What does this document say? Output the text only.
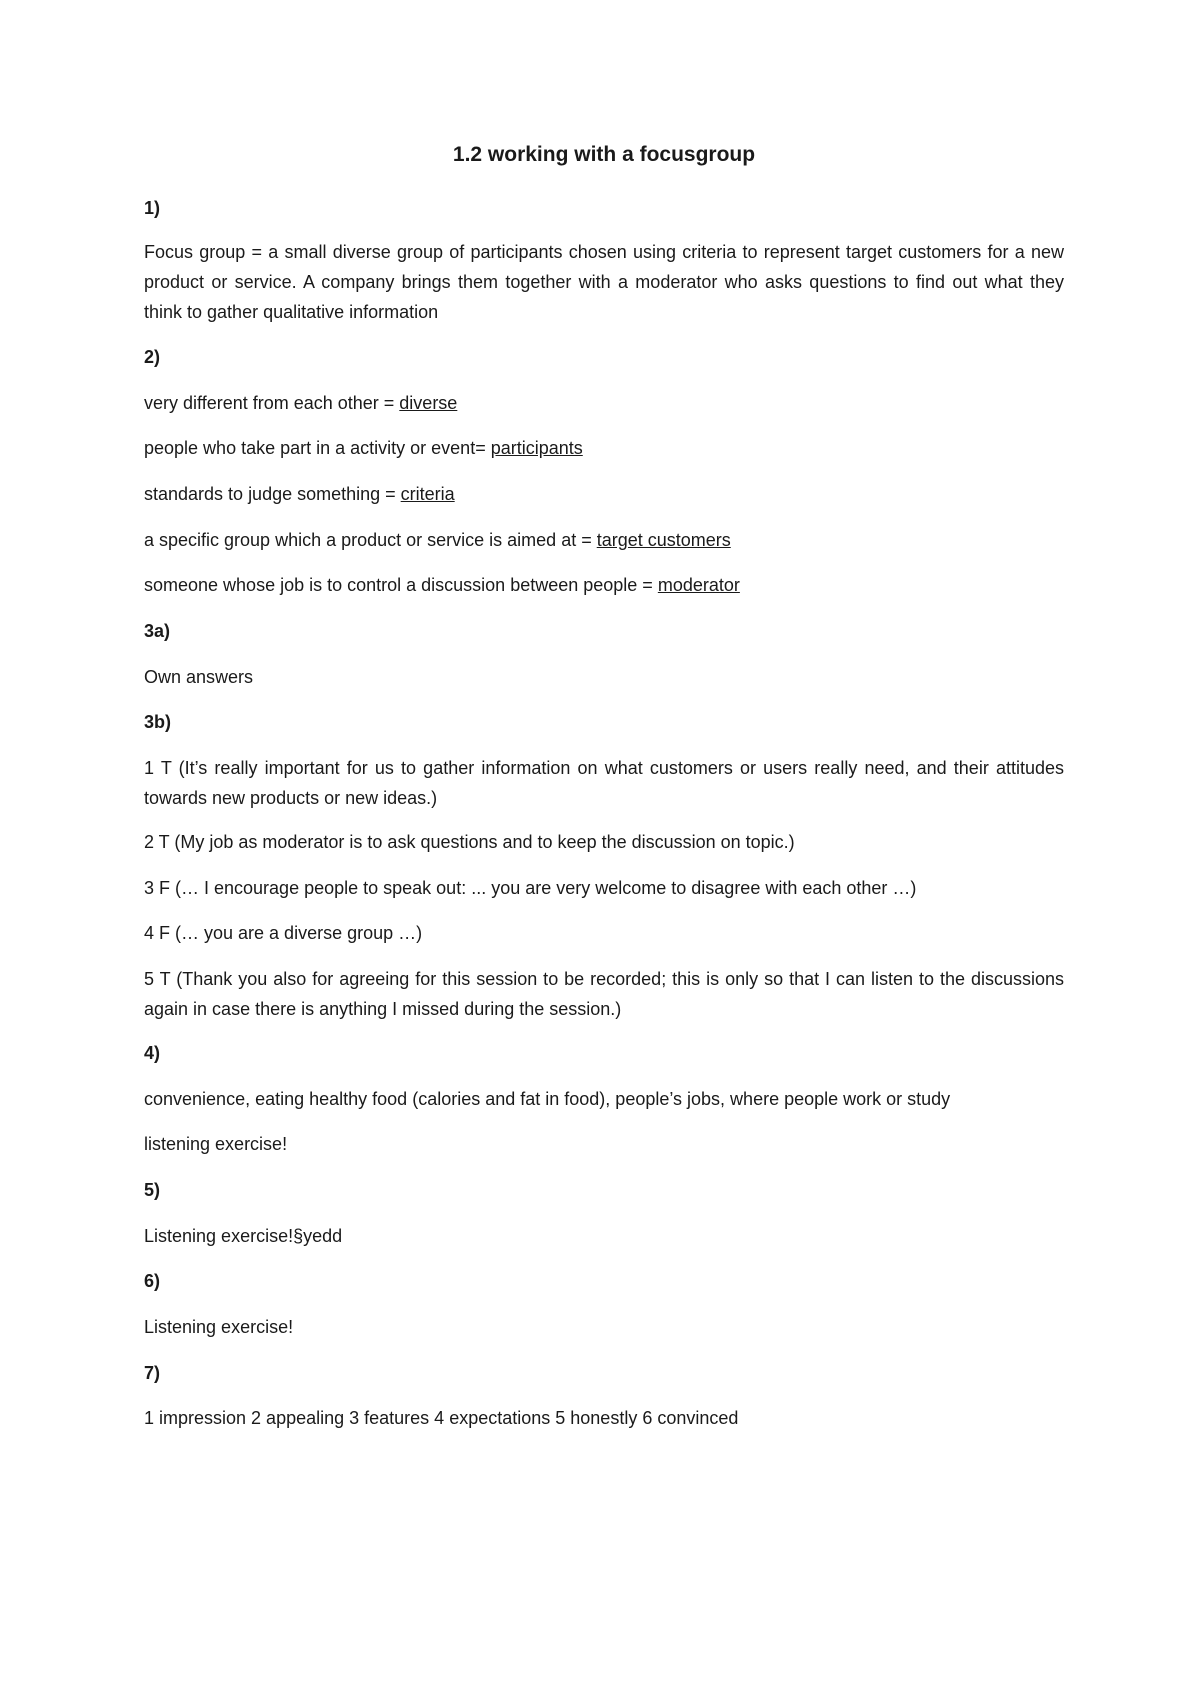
1.2 working with a focusgroup

1)

Focus group = a small diverse group of participants chosen using criteria to represent target customers for a new product or service. A company brings them together with a moderator who asks questions to find out what they think to gather qualitative information

2)

very different from each other = diverse

people who take part in a activity or event= participants

standards to judge something = criteria

a specific group which a product or service is aimed at = target customers

someone whose job is to control a discussion between people = moderator

3a)

Own answers

3b)

1 T (It’s really important for us to gather information on what customers or users really need, and their attitudes towards new products or new ideas.)

2 T (My job as moderator is to ask questions and to keep the discussion on topic.)

3 F (… I encourage people to speak out: ... you are very welcome to disagree with each other …)

4 F (… you are a diverse group …)

5 T (Thank you also for agreeing for this session to be recorded; this is only so that I can listen to the discussions again in case there is anything I missed during the session.)

4)

convenience, eating healthy food (calories and fat in food), people’s jobs, where people work or study

listening exercise!

5)

Listening exercise!§yedd

6)

Listening exercise!

7)

1 impression 2 appealing 3 features 4 expectations 5 honestly 6 convinced
